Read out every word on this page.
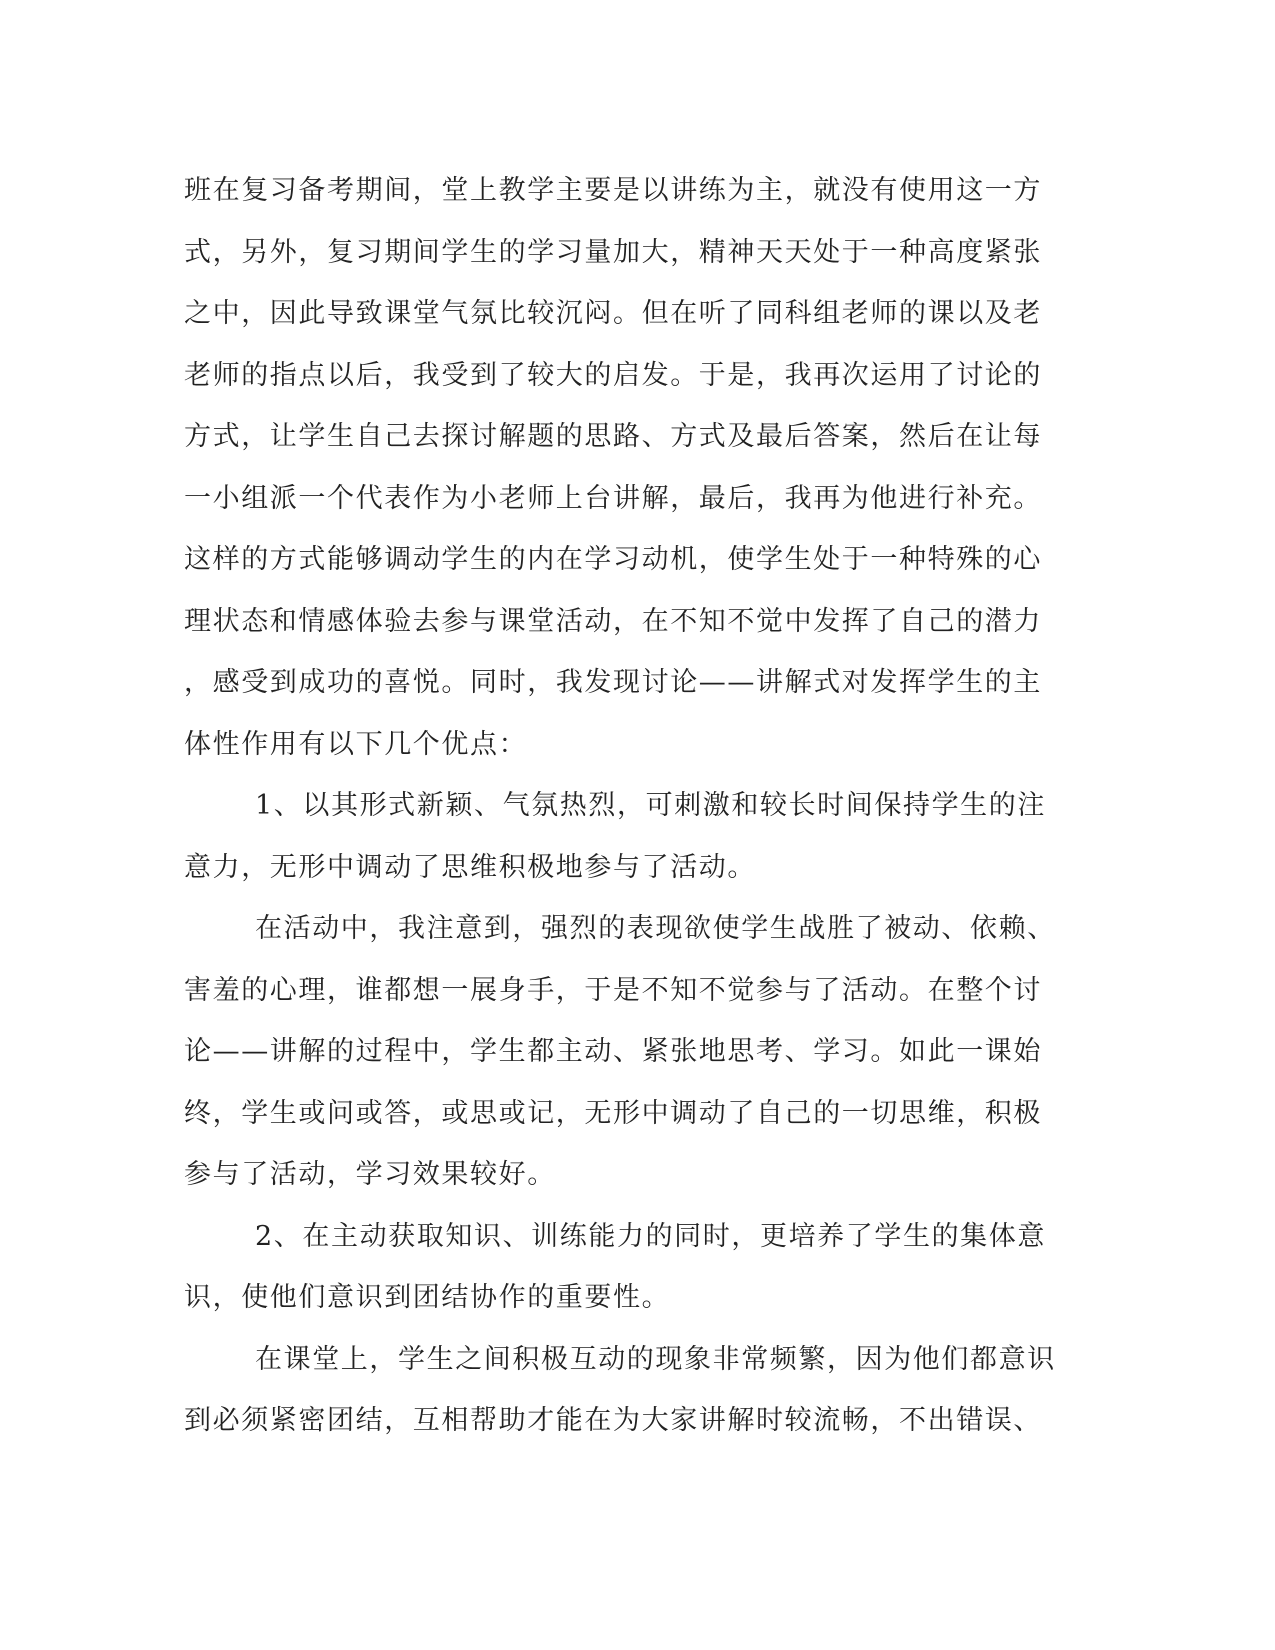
班在复习备考期间，堂上教学主要是以讲练为主，就没有使用这一方
式，另外，复习期间学生的学习量加大，精神天天处于一种高度紧张
之中，因此导致课堂气氛比较沉闷。但在听了同科组老师的课以及老
老师的指点以后，我受到了较大的启发。于是，我再次运用了讨论的
方式，让学生自己去探讨解题的思路、方式及最后答案，然后在让每
一小组派一个代表作为小老师上台讲解，最后，我再为他进行补充。
这样的方式能够调动学生的内在学习动机，使学生处于一种特殊的心
理状态和情感体验去参与课堂活动，在不知不觉中发挥了自己的潜力
，感受到成功的喜悦。同时，我发现讨论——讲解式对发挥学生的主
体性作用有以下几个优点：
1、以其形式新颖、气氛热烈，可刺激和较长时间保持学生的注
意力，无形中调动了思维积极地参与了活动。
在活动中，我注意到，强烈的表现欲使学生战胜了被动、依赖、
害羞的心理，谁都想一展身手，于是不知不觉参与了活动。在整个讨
论——讲解的过程中，学生都主动、紧张地思考、学习。如此一课始
终，学生或问或答，或思或记，无形中调动了自己的一切思维，积极
参与了活动，学习效果较好。
2、在主动获取知识、训练能力的同时，更培养了学生的集体意
识，使他们意识到团结协作的重要性。
在课堂上，学生之间积极互动的现象非常频繁，因为他们都意识
到必须紧密团结，互相帮助才能在为大家讲解时较流畅，不出错误、
